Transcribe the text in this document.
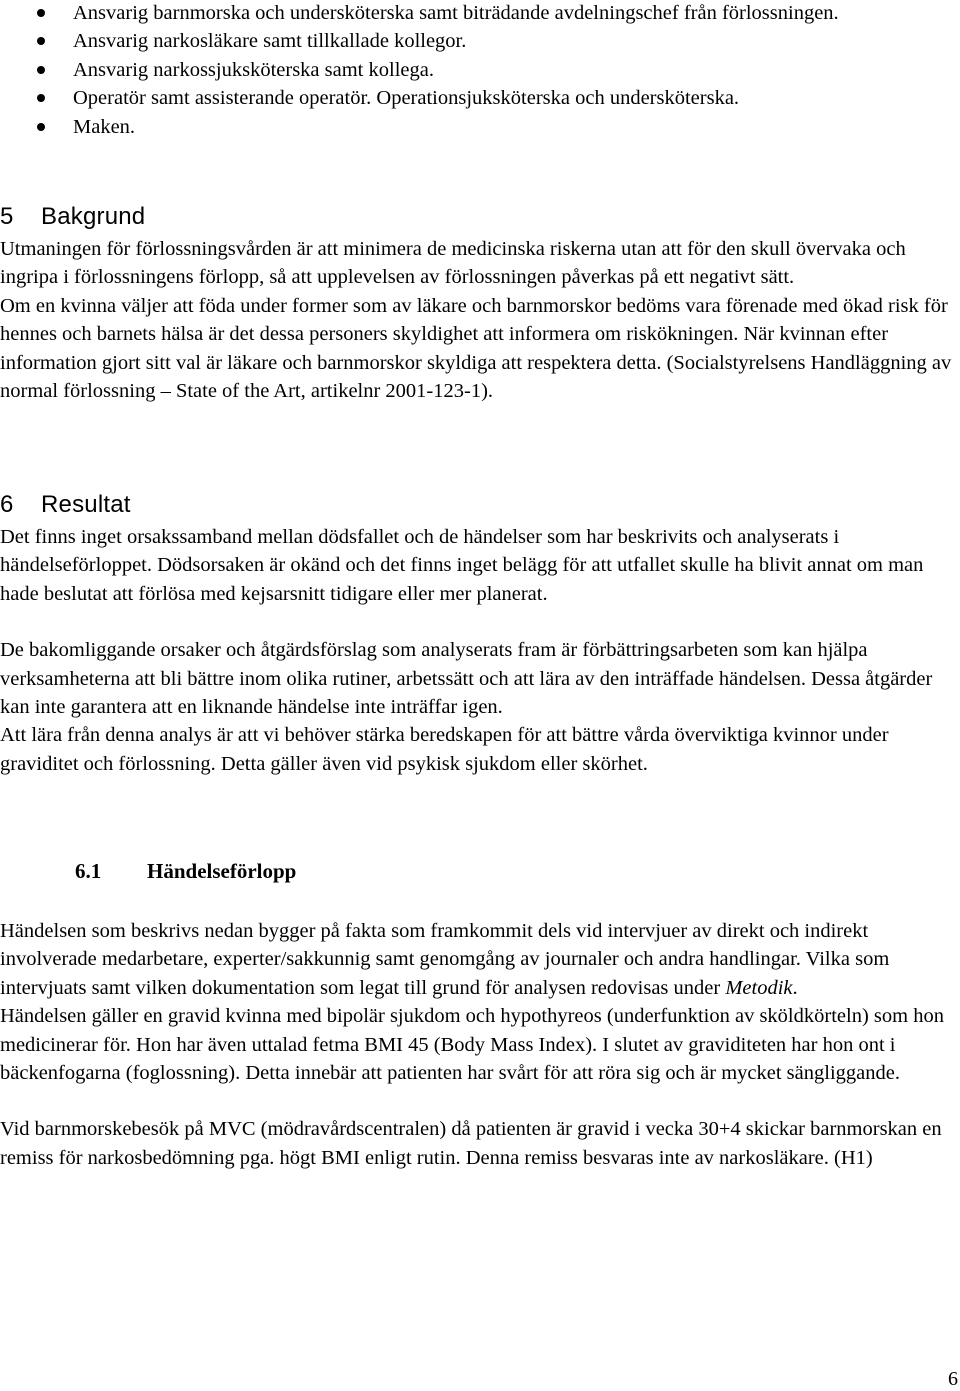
Ansvarig barnmorska och undersköterska samt biträdande avdelningschef från förlossningen.
Ansvarig narkosläkare samt tillkallade kollegor.
Ansvarig narkossjuksköterska samt kollega.
Operatör samt assisterande operatör. Operationsjuksköterska och undersköterska.
Maken.
5    Bakgrund

Utmaningen för förlossningsvården är att minimera de medicinska riskerna utan att för den skull övervaka och ingripa i förlossningens förlopp, så att upplevelsen av förlossningen påverkas på ett negativt sätt.

Om en kvinna väljer att föda under former som av läkare och barnmorskor bedöms vara förenade med ökad risk för hennes och barnets hälsa är det dessa personers skyldighet att informera om riskökningen. När kvinnan efter information gjort sitt val är läkare och barnmorskor skyldiga att respektera detta. (Socialstyrelsens Handläggning av normal förlossning – State of the Art, artikelnr 2001-123-1).

6    Resultat

Det finns inget orsakssamband mellan dödsfallet och de händelser som har beskrivits och analyserats i händelseförloppet. Dödsorsaken är okänd och det finns inget belägg för att utfallet skulle ha blivit annat om man hade beslutat att förlösa med kejsarsnitt tidigare eller mer planerat.

De bakomliggande orsaker och åtgärdsförslag som analyserats fram är förbättringsarbeten som kan hjälpa verksamheterna att bli bättre inom olika rutiner, arbetssätt och att lära av den inträffade händelsen. Dessa åtgärder kan inte garantera att en liknande händelse inte inträffar igen.

Att lära från denna analys är att vi behöver stärka beredskapen för att bättre vårda överviktiga kvinnor under graviditet och förlossning. Detta gäller även vid psykisk sjukdom eller skörhet.

6.1 Händelseförlopp

Händelsen som beskrivs nedan bygger på fakta som framkommit dels vid intervjuer av direkt och indirekt involverade medarbetare, experter/sakkunnig samt genomgång av journaler och andra handlingar. Vilka som intervjuats samt vilken dokumentation som legat till grund för analysen redovisas under Metodik.

Händelsen gäller en gravid kvinna med bipolär sjukdom och hypothyreos (underfunktion av sköldkörteln) som hon medicinerar för. Hon har även uttalad fetma BMI 45 (Body Mass Index). I slutet av graviditeten har hon ont i bäckenfogarna (foglossning). Detta innebär att patienten har svårt för att röra sig och är mycket sängliggande.

Vid barnmorskebesök på MVC (mödravårdscentralen) då patienten är gravid i vecka 30+4 skickar barnmorskan en remiss för narkosbedömning pga. högt BMI enligt rutin. Denna remiss besvaras inte av narkosläkare. (H1)

6
